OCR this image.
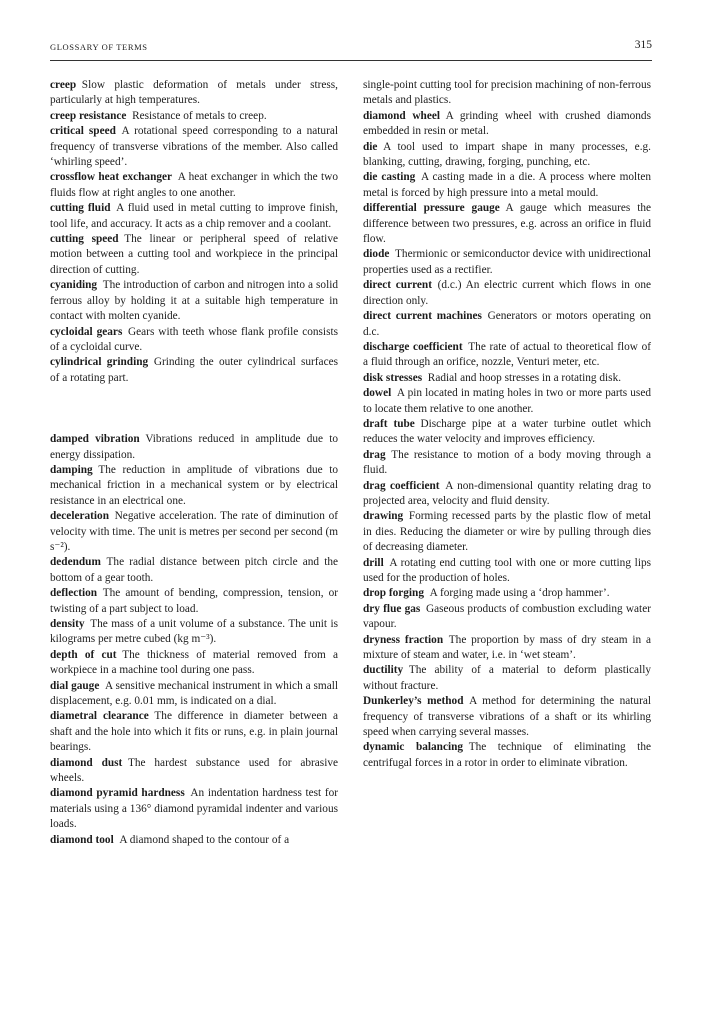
GLOSSARY OF TERMS	315

creep  Slow plastic deformation of metals under stress, particularly at high temperatures.

creep resistance  Resistance of metals to creep.

critical speed  A rotational speed corresponding to a natural frequency of transverse vibrations of the member. Also called ‘whirling speed’.

crossflow heat exchanger  A heat exchanger in which the two fluids flow at right angles to one another.

cutting fluid  A fluid used in metal cutting to improve finish, tool life, and accuracy. It acts as a chip remover and a coolant.

cutting speed  The linear or peripheral speed of relative motion between a cutting tool and workpiece in the principal direction of cutting.

cyaniding  The introduction of carbon and nitrogen into a solid ferrous alloy by holding it at a suitable high temperature in contact with molten cyanide.

cycloidal gears  Gears with teeth whose flank profile consists of a cycloidal curve.

cylindrical grinding  Grinding the outer cylindrical surfaces of a rotating part.

damped vibration  Vibrations reduced in amplitude due to energy dissipation.

damping  The reduction in amplitude of vibrations due to mechanical friction in a mechanical system or by electrical resistance in an electrical one.

deceleration  Negative acceleration. The rate of diminution of velocity with time. The unit is metres per second per second (m s⁻²).

dedendum  The radial distance between pitch circle and the bottom of a gear tooth.

deflection  The amount of bending, compression, tension, or twisting of a part subject to load.

density  The mass of a unit volume of a substance. The unit is kilograms per metre cubed (kg m⁻³).

depth of cut  The thickness of material removed from a workpiece in a machine tool during one pass.

dial gauge  A sensitive mechanical instrument in which a small displacement, e.g. 0.01 mm, is indicated on a dial.

diametral clearance  The difference in diameter between a shaft and the hole into which it fits or runs, e.g. in plain journal bearings.

diamond dust  The hardest substance used for abrasive wheels.

diamond pyramid hardness  An indentation hardness test for materials using a 136° diamond pyramidal indenter and various loads.

diamond tool  A diamond shaped to the contour of a

single-point cutting tool for precision machining of non-ferrous metals and plastics.

diamond wheel  A grinding wheel with crushed diamonds embedded in resin or metal.

die  A tool used to impart shape in many processes, e.g. blanking, cutting, drawing, forging, punching, etc.

die casting  A casting made in a die. A process where molten metal is forced by high pressure into a metal mould.

differential pressure gauge  A gauge which measures the difference between two pressures, e.g. across an orifice in fluid flow.

diode  Thermionic or semiconductor device with unidirectional properties used as a rectifier.

direct current  (d.c.) An electric current which flows in one direction only.

direct current machines  Generators or motors operating on d.c.

discharge coefficient  The rate of actual to theoretical flow of a fluid through an orifice, nozzle, Venturi meter, etc.

disk stresses  Radial and hoop stresses in a rotating disk.

dowel  A pin located in mating holes in two or more parts used to locate them relative to one another.

draft tube  Discharge pipe at a water turbine outlet which reduces the water velocity and improves efficiency.

drag  The resistance to motion of a body moving through a fluid.

drag coefficient  A non-dimensional quantity relating drag to projected area, velocity and fluid density.

drawing  Forming recessed parts by the plastic flow of metal in dies. Reducing the diameter or wire by pulling through dies of decreasing diameter.

drill  A rotating end cutting tool with one or more cutting lips used for the production of holes.

drop forging  A forging made using a ‘drop hammer’.

dry flue gas  Gaseous products of combustion excluding water vapour.

dryness fraction  The proportion by mass of dry steam in a mixture of steam and water, i.e. in ‘wet steam’.

ductility  The ability of a material to deform plastically without fracture.

Dunkerley’s method  A method for determining the natural frequency of transverse vibrations of a shaft or its whirling speed when carrying several masses.

dynamic balancing  The technique of eliminating the centrifugal forces in a rotor in order to eliminate vibration.
